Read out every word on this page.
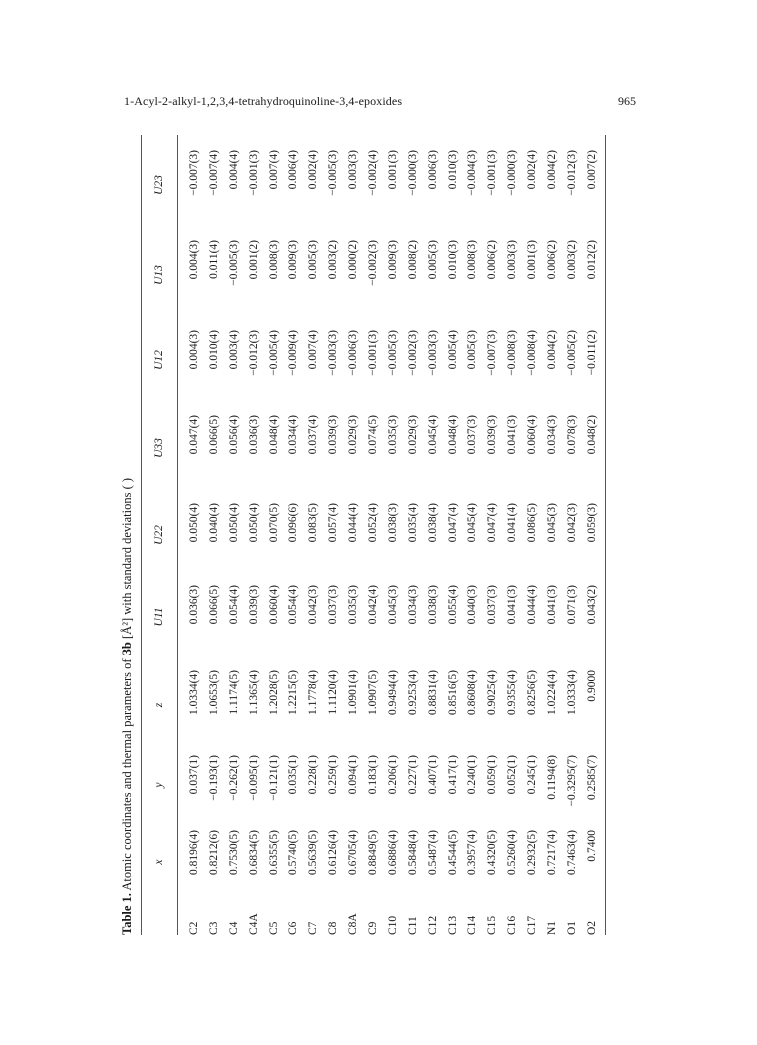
1-Acyl-2-alkyl-1,2,3,4-tetrahydroquinoline-3,4-epoxides	965
Table 1. Atomic coordinates and thermal parameters of 3b [Å²] with standard deviations ( )
x
y
z
U11
U22
U33
U12
U13
U23
C2
0.8196(4)
0.037(1)
1.0334(4)
0.036(3)
0.050(4)
0.047(4)
0.004(3)
0.004(3)
−0.007(3)
C3
0.8212(6)
−0.193(1)
1.0653(5)
0.066(5)
0.040(4)
0.066(5)
0.010(4)
0.011(4)
−0.007(4)
C4
0.7530(5)
−0.262(1)
1.1174(5)
0.054(4)
0.050(4)
0.056(4)
0.003(4)
−0.005(3)
0.004(4)
C4A
0.6834(5)
−0.095(1)
1.1365(4)
0.039(3)
0.050(4)
0.036(3)
−0.012(3)
0.001(2)
−0.001(3)
C5
0.6355(5)
−0.121(1)
1.2028(5)
0.060(4)
0.070(5)
0.048(4)
−0.005(4)
0.008(3)
0.007(4)
C6
0.5740(5)
0.035(1)
1.2215(5)
0.054(4)
0.096(6)
0.034(4)
−0.009(4)
0.009(3)
0.006(4)
C7
0.5639(5)
0.228(1)
1.1778(4)
0.042(3)
0.083(5)
0.037(4)
0.007(4)
0.005(3)
0.002(4)
C8
0.6126(4)
0.259(1)
1.1120(4)
0.037(3)
0.057(4)
0.039(3)
−0.003(3)
0.003(2)
−0.005(3)
C8A
0.6705(4)
0.094(1)
1.0901(4)
0.035(3)
0.044(4)
0.029(3)
−0.006(3)
0.000(2)
0.003(3)
C9
0.8849(5)
0.183(1)
1.0907(5)
0.042(4)
0.052(4)
0.074(5)
−0.001(3)
−0.002(3)
−0.002(4)
C10
0.6886(4)
0.206(1)
0.9494(4)
0.045(3)
0.038(3)
0.035(3)
−0.005(3)
0.009(3)
0.001(3)
C11
0.5848(4)
0.227(1)
0.9253(4)
0.034(3)
0.035(4)
0.029(3)
−0.002(3)
0.008(2)
−0.000(3)
C12
0.5487(4)
0.407(1)
0.8831(4)
0.038(3)
0.038(4)
0.045(4)
−0.003(3)
0.005(3)
0.006(3)
C13
0.4544(5)
0.417(1)
0.8516(5)
0.055(4)
0.047(4)
0.048(4)
0.005(4)
0.010(3)
0.010(3)
C14
0.3957(4)
0.240(1)
0.8608(4)
0.040(3)
0.045(4)
0.037(3)
0.005(3)
0.008(3)
−0.004(3)
C15
0.4320(5)
0.059(1)
0.9025(4)
0.037(3)
0.047(4)
0.039(3)
−0.007(3)
0.006(2)
−0.001(3)
C16
0.5260(4)
0.052(1)
0.9355(4)
0.041(3)
0.041(4)
0.041(3)
−0.008(3)
0.003(3)
−0.000(3)
C17
0.2932(5)
0.245(1)
0.8256(5)
0.044(4)
0.086(5)
0.060(4)
−0.008(4)
0.001(3)
0.002(4)
N1
0.7217(4)
0.1194(8)
1.0224(4)
0.041(3)
0.045(3)
0.034(3)
0.004(2)
0.006(2)
0.004(2)
O1
0.7463(4)
−0.3295(7)
1.0333(4)
0.071(3)
0.042(3)
0.078(3)
−0.005(2)
0.003(2)
−0.012(3)
O2
0.7400
0.2585(7)
0.9000
0.043(2)
0.059(3)
0.048(2)
−0.011(2)
0.012(2)
0.007(2)
